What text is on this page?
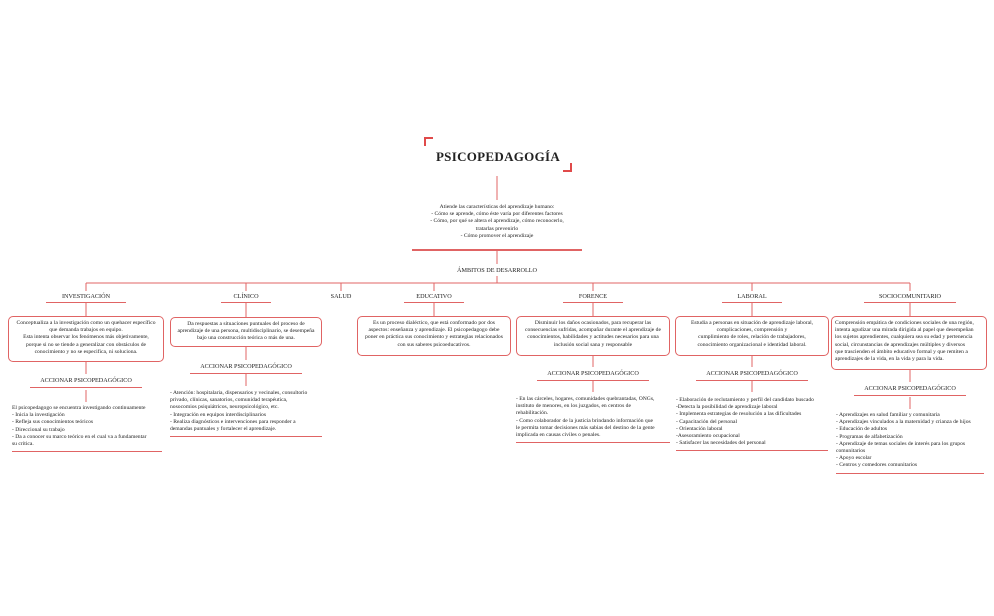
PSICOPEDAGOGÍA
Atiende las características del aprendizaje humano:
- Cómo se aprende, cómo éste varía por diferentes factores
- Cómo, por qué se altera el aprendizaje, cómo reconocerlo,
tratarlas prevenirlo
- Cómo promover el aprendizaje
ÁMBITOS DE DESARROLLO
INVESTIGACIÓN	CLÍNICO	SALUD	EDUCATIVO	FORENCE	LABORAL	SOCIOCOMUNITARIO
Conceptualiza a la investigación como un quehacer específico
que demanda trabajos en equipo.
Esta intenta observar los fenómenos más objetivamente,
porque si no se tiende a generalizar con obstáculos de
conocimiento y no se especifica, ni soluciona.
Da respuestas a situaciones puntuales del proceso de
aprendizaje de una persona, multidisciplinario, se desempeña
bajo una construcción teórica o más de una.
Es un proceso dialéctico, que está conformado por dos
aspectos: enseñanza y aprendizaje. El psicopedagogo debe
poner en práctica sus conocimiento y estrategias relacionados
con sus saberes psicoeducativos.
Disminuir los daños ocasionados, para recuperar las
consecuencias sufridas, acompañar durante el aprendizaje de
conocimientos, habilidades y actitudes necesarios para una
inclusión social sana y responsable
Estudia a personas en situación de aprendizaje laboral,
complicaciones, comprensión y
cumplimiento de roles, relación de trabajadores,
conocimiento organizacional e identidad laboral.
Comprensión empática de condiciones sociales de una región,
intenta agudizar una mirada dirigida al papel que desempeñan
los sujetos aprendientes, cualquiera sea su edad y pertenencia
social, circunstancias de aprendizajes múltiples y diversos
que trascienden el ámbito educativo formal y que remiten a
aprendizajes de la vida, en la vida y para la vida.
ACCIONAR PSICOPEDAGÓGICO
ACCIONAR PSICOPEDAGÓGICO
ACCIONAR PSICOPEDAGÓGICO	ACCIONAR PSICOPEDAGÓGICO
ACCIONAR PSICOPEDAGÓGICO
El psicopedagogo se encuentra investigando continuamente
- Inicia la investigación
- Refleja sus conocimientos teóricos
- Direccional su trabajo
- Da a conocer su marco teórico en el cual va a fundamentar
su crítica.
- Atención: hospitalaria, dispensarios y vecinales, consultorio
privado, clínicas, sanatorios, comunidad terapéutica,
nosocomios psiquiátricos, neuropsicológico, etc.
- Integración en equipos interdisciplinarios
- Realiza diagnósticos e intervenciones para responder a
demandas puntuales y fortalecer el aprendizaje.
- En las cárceles, hogares, comunidades quebrantadas, ONGs,
instituto de menores, en los juzgados, en centros de
rehabilitación.
- Como colaborador de la justicia brindando información que
le permita tomar decisiones más sabias del destino de la gente
implicada en causas civiles o penales.
- Elaboración de reclutamiento y perfil del candidato buscado
-Detecta la posibilidad de aprendizaje laboral
- Implementa estrategias de resolución a las dificultades
- Capacitación del personal
- Orientación laboral
-Asesoramiento ocupacional
- Satisfacer las necesidades del personal
- Aprendizajes en salud familiar y comunitaria
- Aprendizajes vinculados a la maternidad y crianza de hijos
- Educación de adultos
- Programas de alfabetización
- Aprendizaje de temas sociales de interés para los grupos
comunitarios
- Apoyo escolar
- Centros y comedores comunitarios
